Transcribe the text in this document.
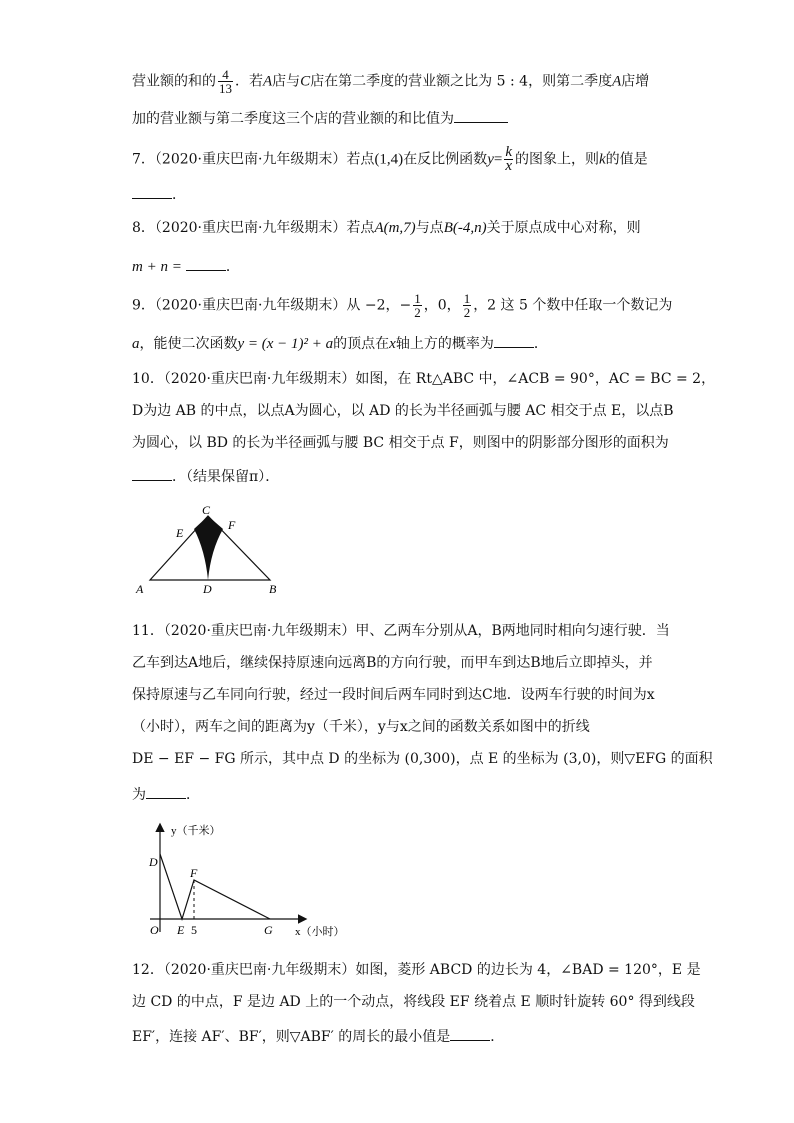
营业额的和的 $\frac{4}{13}$ ．若A店与C店在第二季度的营业额之比为 5 : 4，则第二季度A店增
加的营业额与第二季度这三个店的营业额的和比值为
7．（2020·重庆巴南·九年级期末）若点(1,4)在反比例函数$y= \frac{k}{x}$ 的图象上，则k的值是
．
8．（2020·重庆巴南·九年级期末）若点A(m,7)与点B(-4,n)关于原点成中心对称，则
m + n =	．
9．（2020·重庆巴南·九年级期末）从 −2，− $\frac{1}{2}$ ，0， $\frac{1}{2}$ ，2 这 5 个数中任取一个数记为
a，能使二次函数y = (x − 1)² + a的顶点在x轴上方的概率为	．
10．（2020·重庆巴南·九年级期末）如图，在 Rt△ABC 中，∠ACB = 90°，AC = BC = 2，
D为边 AB 的中点，以点A为圆心，以 AD 的长为半径画弧与腰 AC 相交于点 E，以点B
为圆心，以 BD 的长为半径画弧与腰 BC 相交于点 F，则图中的阴影部分图形的面积为
．（结果保留π）．
C
E
F
A	D	B
11．（2020·重庆巴南·九年级期末）甲、乙两车分别从A，B两地同时相向匀速行驶．当
乙车到达A地后，继续保持原速向远离B的方向行驶，而甲车到达B地后立即掉头，并
保持原速与乙车同向行驶，经过一段时间后两车同时到达C地．设两车行驶的时间为x
（小时），两车之间的距离为y（千米），y与x之间的函数关系如图中的折线
DE − EF − FG 所示，其中点 D 的坐标为 (0,300)，点 E 的坐标为 (3,0)，则▽EFG 的面积
为	．
y（千米）
x（小时）
D
F
O E 5	G
12．（2020·重庆巴南·九年级期末）如图，菱形 ABCD 的边长为 4，∠BAD = 120°，E 是
边 CD 的中点，F 是边 AD 上的一个动点，将线段 EF 绕着点 E 顺时针旋转 60° 得到线段
EF′，连接 AF′、BF′，则▽ABF′ 的周长的最小值是	．
